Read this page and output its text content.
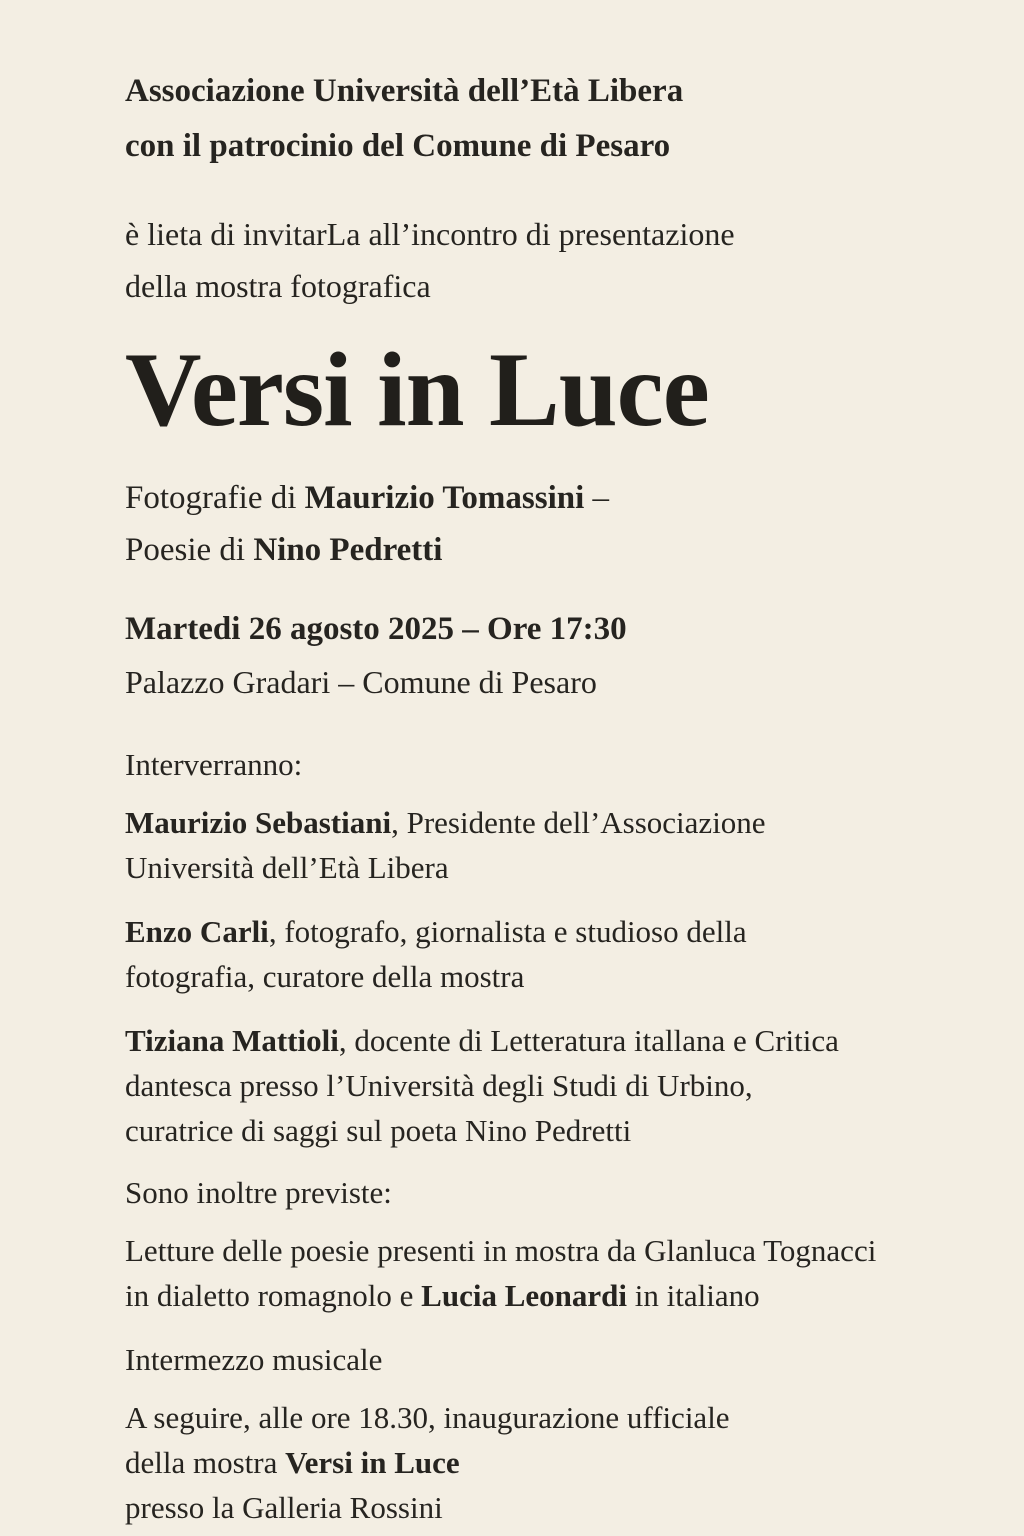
Associazione Università dell’Età Libera
con il patrocinio del Comune di Pesaro
è lieta di invitarLa all’incontro di presentazione
della mostra fotografica
Versi in Luce
Fotografie di Maurizio Tomassini –
Poesie di Nino Pedretti
Martedi 26 agosto 2025 – Ore 17:30
Palazzo Gradari – Comune di Pesaro
Interverranno:
Maurizio Sebastiani, Presidente dell’Associazione
Università dell’Età Libera
Enzo Carli, fotografo, giornalista e studioso della
fotografia, curatore della mostra
Tiziana Mattioli, docente di Letteratura itallana e Critica
dantesca presso l’Università degli Studi di Urbino,
curatrice di saggi sul poeta Nino Pedretti
Sono inoltre previste:
Letture delle poesie presenti in mostra da Glanluca Tognacci
in dialetto romagnolo e Lucia Leonardi in italiano
Intermezzo musicale
A seguire, alle ore 18.30, inaugurazione ufficiale
della mostra Versi in Luce
presso la Galleria Rossini
